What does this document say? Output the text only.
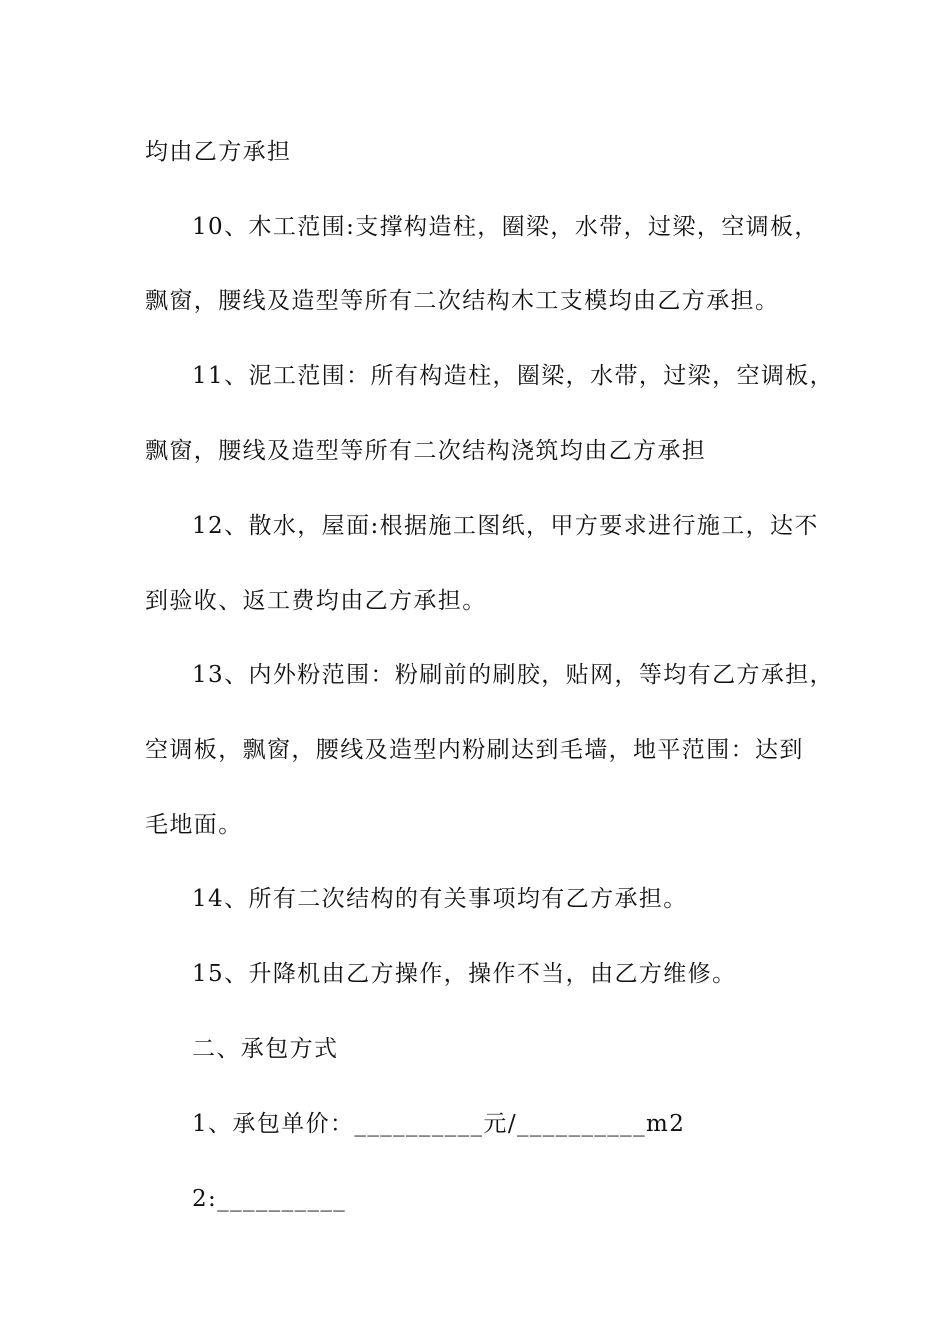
均由乙方承担
10、木工范围:支撑构造柱，圈梁，水带，过梁，空调板，
飘窗，腰线及造型等所有二次结构木工支模均由乙方承担。
11、泥工范围：所有构造柱，圈梁，水带，过梁，空调板，
飘窗，腰线及造型等所有二次结构浇筑均由乙方承担
12、散水，屋面:根据施工图纸，甲方要求进行施工，达不
到验收、返工费均由乙方承担。
13、内外粉范围：粉刷前的刷胶，贴网，等均有乙方承担，
空调板，飘窗，腰线及造型内粉刷达到毛墙，地平范围：达到
毛地面。
14、所有二次结构的有关事项均有乙方承担。
15、升降机由乙方操作，操作不当，由乙方维修。
二、承包方式
1、承包单价：__________元/__________m2
2:__________
